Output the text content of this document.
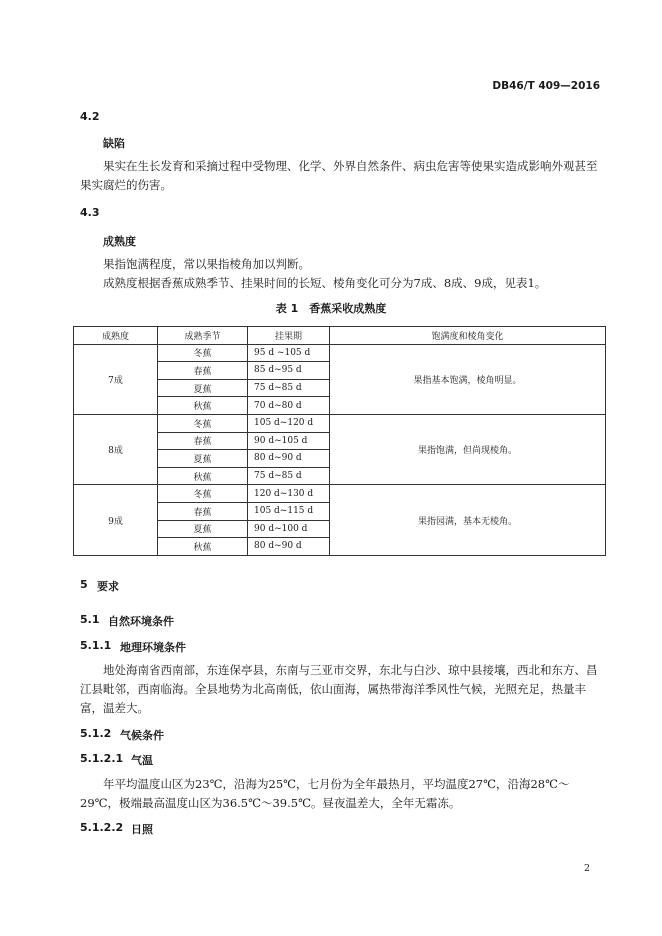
DB46/T 409—2016
4.2
缺陷
果实在生长发育和采摘过程中受物理、化学、外界自然条件、病虫危害等使果实造成影响外观甚至果实腐烂的伤害。
4.3
成熟度
果指饱满程度，常以果指棱角加以判断。
成熟度根据香蕉成熟季节、挂果时间的长短、棱角变化可分为7成、8成、9成，见表1。
表 1　香蕉采收成熟度
成熟度	成熟季节	挂果期	饱满度和棱角变化
7成	冬蕉	95 d ~105 d	果指基本饱满，棱角明显。
	春蕉	85 d~95 d	
	夏蕉	75 d~85 d	
	秋蕉	70 d~80 d	
8成	冬蕉	105 d~120 d	果指饱满，但尚现棱角。
	春蕉	90 d~105 d	
	夏蕉	80 d~90 d	
	秋蕉	75 d~85 d	
9成	冬蕉	120 d~130 d	果指园满，基本无棱角。
	春蕉	105 d~115 d	
	夏蕉	90 d~100 d	
	秋蕉	80 d~90 d	
5 要求
5.1 自然环境条件
5.1.1 地理环境条件
地处海南省西南部，东连保亭县，东南与三亚市交界，东北与白沙、琼中县接壤，西北和东方、昌江县毗邻，西南临海。全县地势为北高南低，依山面海，属热带海洋季风性气候，光照充足，热量丰富，温差大。
5.1.2 气候条件
5.1.2.1 气温
年平均温度山区为23℃，沿海为25℃，七月份为全年最热月，平均温度27℃，沿海28℃～29℃，极端最高温度山区为36.5℃～39.5℃。昼夜温差大，全年无霜冻。
5.1.2.2 日照
2
